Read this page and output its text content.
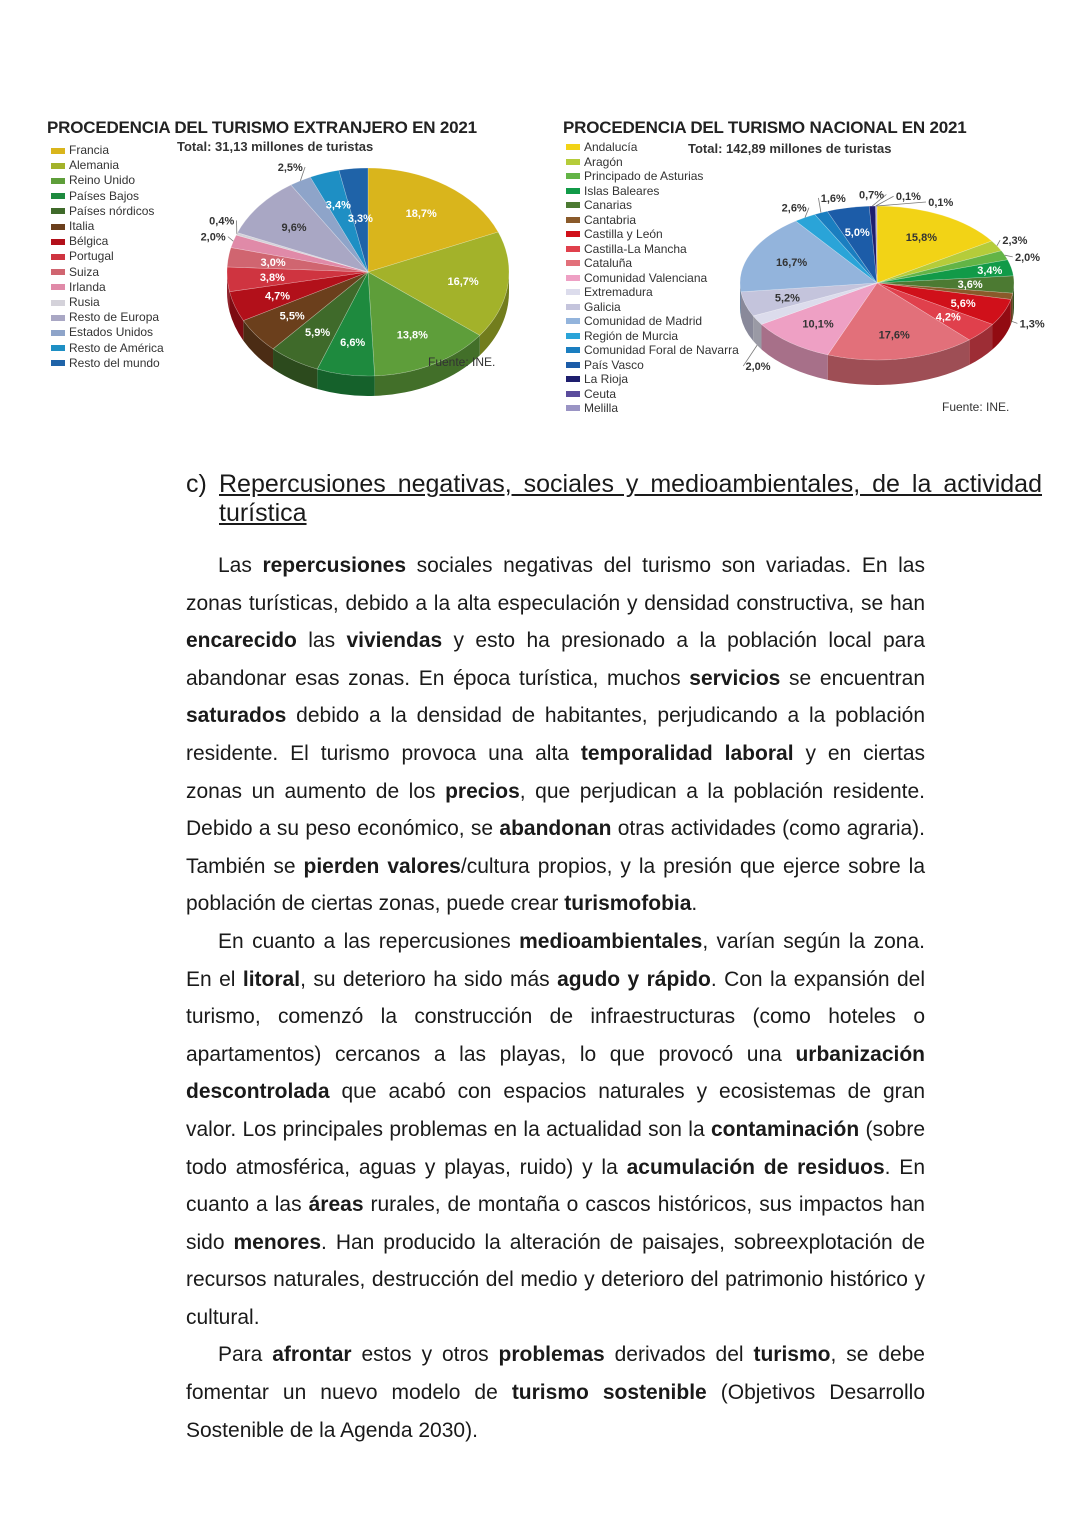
PROCEDENCIA DEL TURISMO EXTRANJERO EN 2021
Total: 31,13 millones de turistas
Francia
Alemania
Reino Unido
Países Bajos
Países nórdicos
Italia
Bélgica
Portugal
Suiza
Irlanda
Rusia
Resto de Europa
Estados Unidos
Resto de América
Resto del mundo
18,7%
16,7%
13,8%
9,6%
6,6%
5,9%
5,5%
4,7%
3,8%
3,4%
3,3%
3,0%
2,5%
2,0%
0,4%
Fuente: INE.
PROCEDENCIA DEL TURISMO NACIONAL EN 2021
Total: 142,89 millones de turistas
Andalucía
Aragón
Principado de Asturias
Islas Baleares
Canarias
Cantabria
Castilla y León
Castilla-La Mancha
Cataluña
Comunidad Valenciana
Extremadura
Galicia
Comunidad de Madrid
Región de Murcia
Comunidad Foral de Navarra
País Vasco
La Rioja
Ceuta
Melilla
17,6%
16,7%
15,8%
10,1%
5,6%
5,2%
5,0%
4,2%
3,6%
3,4%
2,6%
2,3%
2,0%
2,0%
1,6%
1,3%
0,7% 0,1% 0,1%
Fuente: INE.
c) Repercusiones negativas, sociales y medioambientales, de la actividad turística

Las repercusiones sociales negativas del turismo son variadas. En las zonas turísticas, debido a la alta especulación y densidad constructiva, se han encarecido las viviendas y esto ha presionado a la población local para abandonar esas zonas. En época turística, muchos servicios se encuentran saturados debido a la densidad de habitantes, perjudicando a la población residente. El turismo provoca una alta temporalidad laboral y en ciertas zonas un aumento de los precios, que perjudican a la población residente. Debido a su peso económico, se abandonan otras actividades (como agraria). También se pierden valores/cultura propios, y la presión que ejerce sobre la población de ciertas zonas, puede crear turismofobia.

En cuanto a las repercusiones medioambientales, varían según la zona. En el litoral, su deterioro ha sido más agudo y rápido. Con la expansión del turismo, comenzó la construcción de infraestructuras (como hoteles o apartamentos) cercanos a las playas, lo que provocó una urbanización descontrolada que acabó con espacios naturales y ecosistemas de gran valor. Los principales problemas en la actualidad son la contaminación (sobre todo atmosférica, aguas y playas, ruido) y la acumulación de residuos. En cuanto a las áreas rurales, de montaña o cascos históricos, sus impactos han sido menores. Han producido la alteración de paisajes, sobreexplotación de recursos naturales, destrucción del medio y deterioro del patrimonio histórico y cultural.

Para afrontar estos y otros problemas derivados del turismo, se debe fomentar un nuevo modelo de turismo sostenible (Objetivos Desarrollo Sostenible de la Agenda 2030).
